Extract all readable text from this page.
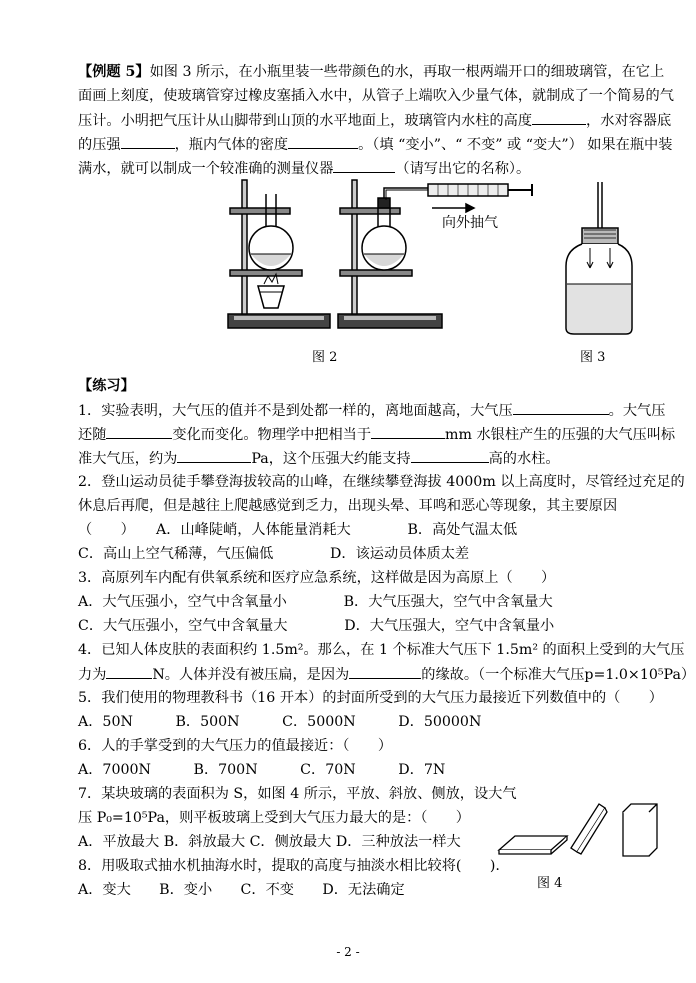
【例题 5】如图 3 所示，在小瓶里装一些带颜色的水，再取一根两端开口的细玻璃管，在它上
面画上刻度，使玻璃管穿过橡皮塞插入水中，从管子上端吹入少量气体，就制成了一个简易的气
压计。小明把气压计从山脚带到山顶的水平地面上，玻璃管内水柱的高度	，水对容器底
的压强	，瓶内气体的密度	。（填 “变小”、“ 不变” 或 “变大”） 如果在瓶中装
满水，就可以制成一个较准确的测量仪器	（请写出它的名称）。
向外抽气
图 2	图 3
【练习】
1．实验表明，大气压的值并不是到处都一样的，离地面越高，大气压	。大气压
还随	变化而变化。物理学中把相当于	mm 水银柱产生的压强的大气压叫标
准大气压，约为	Pa，这个压强大约能支持	高的水柱。
2．登山运动员徒手攀登海拔较高的山峰，在继续攀登海拔 4000m 以上高度时，尽管经过充足的
休息后再爬，但是越往上爬越感觉到乏力，出现头晕、耳鸣和恶心等现象，其主要原因
（　　）　　A．山峰陡峭，人体能量消耗大　　　　B．高处气温太低
C．高山上空气稀薄，气压偏低　　　　D．该运动员体质太差
3．高原列车内配有供氧系统和医疗应急系统，这样做是因为高原上（　　）
A．大气压强小，空气中含氧量小　　　　B．大气压强大，空气中含氧量大
C．大气压强小，空气中含氧量大　　　　D．大气压强大，空气中含氧量小
4．已知人体皮肤的表面积约 1.5m²。那么，在 1 个标准大气压下 1.5m² 的面积上受到的大气压
力为	N。人体并没有被压扁，是因为	的缘故。（一个标准大气压p=1.0×10⁵Pa）
5．我们使用的物理教科书（16 开本）的封面所受到的大气压力最接近下列数值中的（　　）
A．50N　　　B．500N　　　C．5000N　　　D．50000N
6．人的手掌受到的大气压力的值最接近：（　　）
A．7000N　　　B．700N　　　C．70N　　　D．7N
7．某块玻璃的表面积为 S，如图 4 所示，平放、斜放、侧放，设大气
压 P₀=10⁵Pa，则平板玻璃上受到大气压力最大的是：（　　）
A．平放最大 B．斜放最大 C．侧放最大 D．三种放法一样大
8．用吸取式抽水机抽海水时，提取的高度与抽淡水相比较将(　　).
A．变大　　B．变小　　C．不变　　D．无法确定	图 4
- 2 -
